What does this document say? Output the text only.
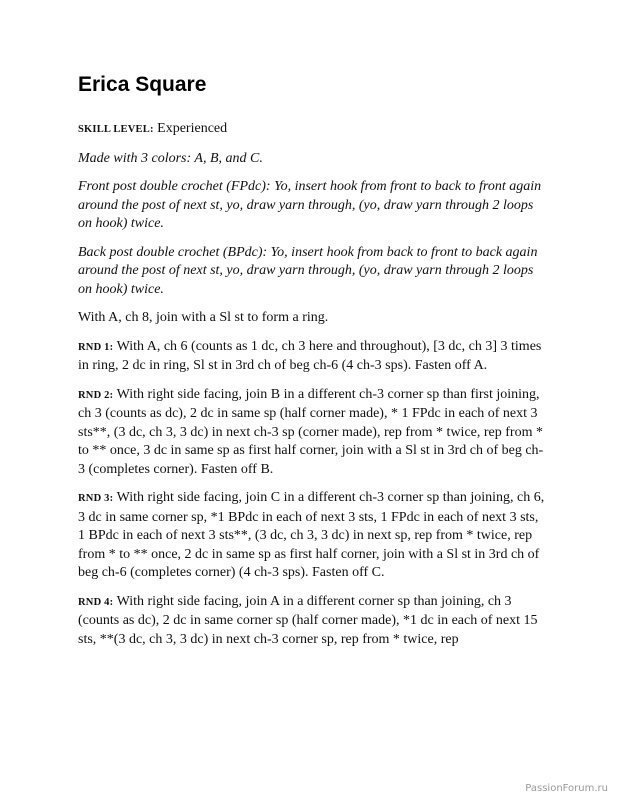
Erica Square

SKILL LEVEL: Experienced

Made with 3 colors: A, B, and C.

Front post double crochet (FPdc): Yo, insert hook from front to back to front again around the post of next st, yo, draw yarn through, (yo, draw yarn through 2 loops on hook) twice.

Back post double crochet (BPdc): Yo, insert hook from back to front to back again around the post of next st, yo, draw yarn through, (yo, draw yarn through 2 loops on hook) twice.

With A, ch 8, join with a Sl st to form a ring.

RND 1: With A, ch 6 (counts as 1 dc, ch 3 here and throughout), [3 dc, ch 3] 3 times in ring, 2 dc in ring, Sl st in 3rd ch of beg ch-6 (4 ch-3 sps). Fasten off A.

RND 2: With right side facing, join B in a different ch-3 corner sp than first joining, ch 3 (counts as dc), 2 dc in same sp (half corner made), * 1 FPdc in each of next 3 sts**, (3 dc, ch 3, 3 dc) in next ch-3 sp (corner made), rep from * twice, rep from * to ** once, 3 dc in same sp as first half corner, join with a Sl st in 3rd ch of beg ch-3 (completes corner). Fasten off B.

RND 3: With right side facing, join C in a different ch-3 corner sp than joining, ch 6, 3 dc in same corner sp, *1 BPdc in each of next 3 sts, 1 FPdc in each of next 3 sts, 1 BPdc in each of next 3 sts**, (3 dc, ch 3, 3 dc) in next sp, rep from * twice, rep from * to ** once, 2 dc in same sp as first half corner, join with a Sl st in 3rd ch of beg ch-6 (completes corner) (4 ch-3 sps). Fasten off C.

RND 4: With right side facing, join A in a different corner sp than joining, ch 3 (counts as dc), 2 dc in same corner sp (half corner made), *1 dc in each of next 15 sts, **(3 dc, ch 3, 3 dc) in next ch-3 corner sp, rep from * twice, rep

PassionForum.ru
